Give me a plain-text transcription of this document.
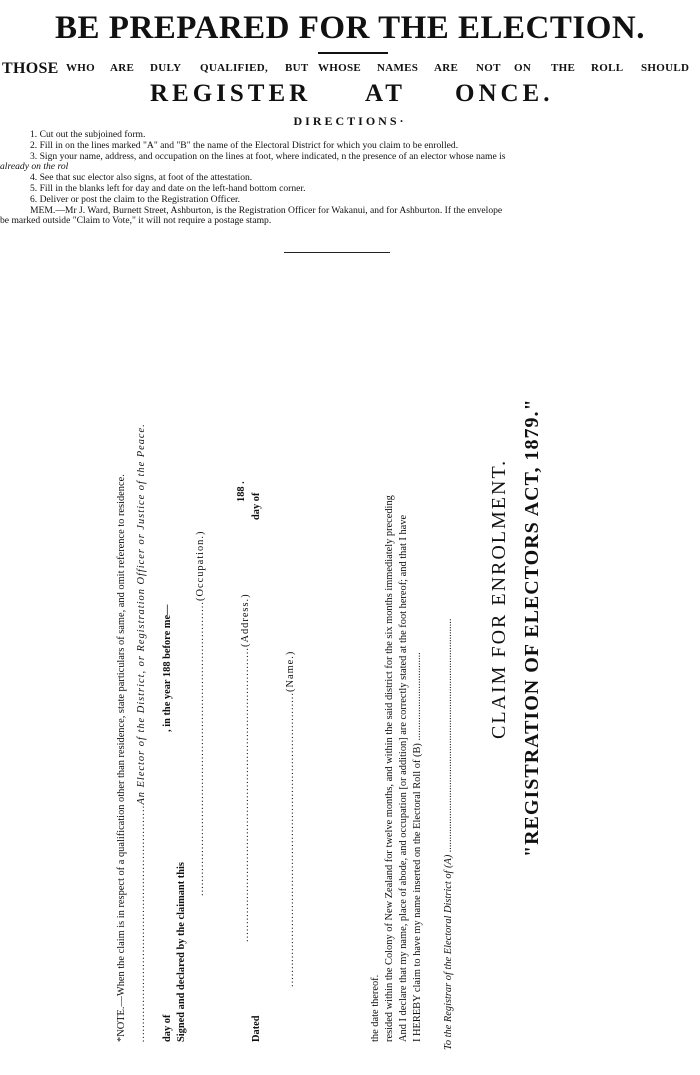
BE PREPARED FOR THE ELECTION.
THOSE WHO ARE DULY QUALIFIED, BUT WHOSE NAMES ARE NOT ON THE ROLL SHOULD
REGISTER AT ONCE.
DIRECTIONS·
1. Cut out the subjoined form.
2. Fill in on the lines marked "A" and "B" the name of the Electoral District for which you claim to be enrolled.
3. Sign your name, address, and occupation on the lines at foot, where indicated, n the presence of an elector whose name is
already on the rol
4. See that suc elector also signs, at foot of the attestation.
5. Fill in the blanks left for day and date on the left-hand bottom corner.
6. Deliver or post the claim to the Registration Officer.
MEM.—Mr J. Ward, Burnett Street, Ashburton, is the Registration Officer for Wakanui, and for Ashburton. If the envelope
be marked outside "Claim to Vote," it will not require a postage stamp.
"REGISTRATION OF ELECTORS ACT, 1879."
CLAIM FOR ENROLMENT.
To the Registrar of the Electoral District of (A) ..........................................................................................
I HEREBY claim to have my name inserted on the Electoral Roll of (B) ..................................
And I declare that my name, place of abode, and occupation [or addition] are correctly stated at the foot hereof; and that I have
resided within the Colony of New Zealand for twelve months, and within the said district for the six months immediately preceding
the date thereof.
..................................................................................(Name.)
..................................................................................(Address.)
..................................................................................(Occupation.)
Dated
day of
188 .
Signed and declared by the claimant this
day of
, in the year 188 before me—
..................................................................An Elector of the District, or Registration Officer or Justice of the Peace.
*NOTE.—When the claim is in respect of a qualification other than residence, state particulars of same, and omit reference to residence.
